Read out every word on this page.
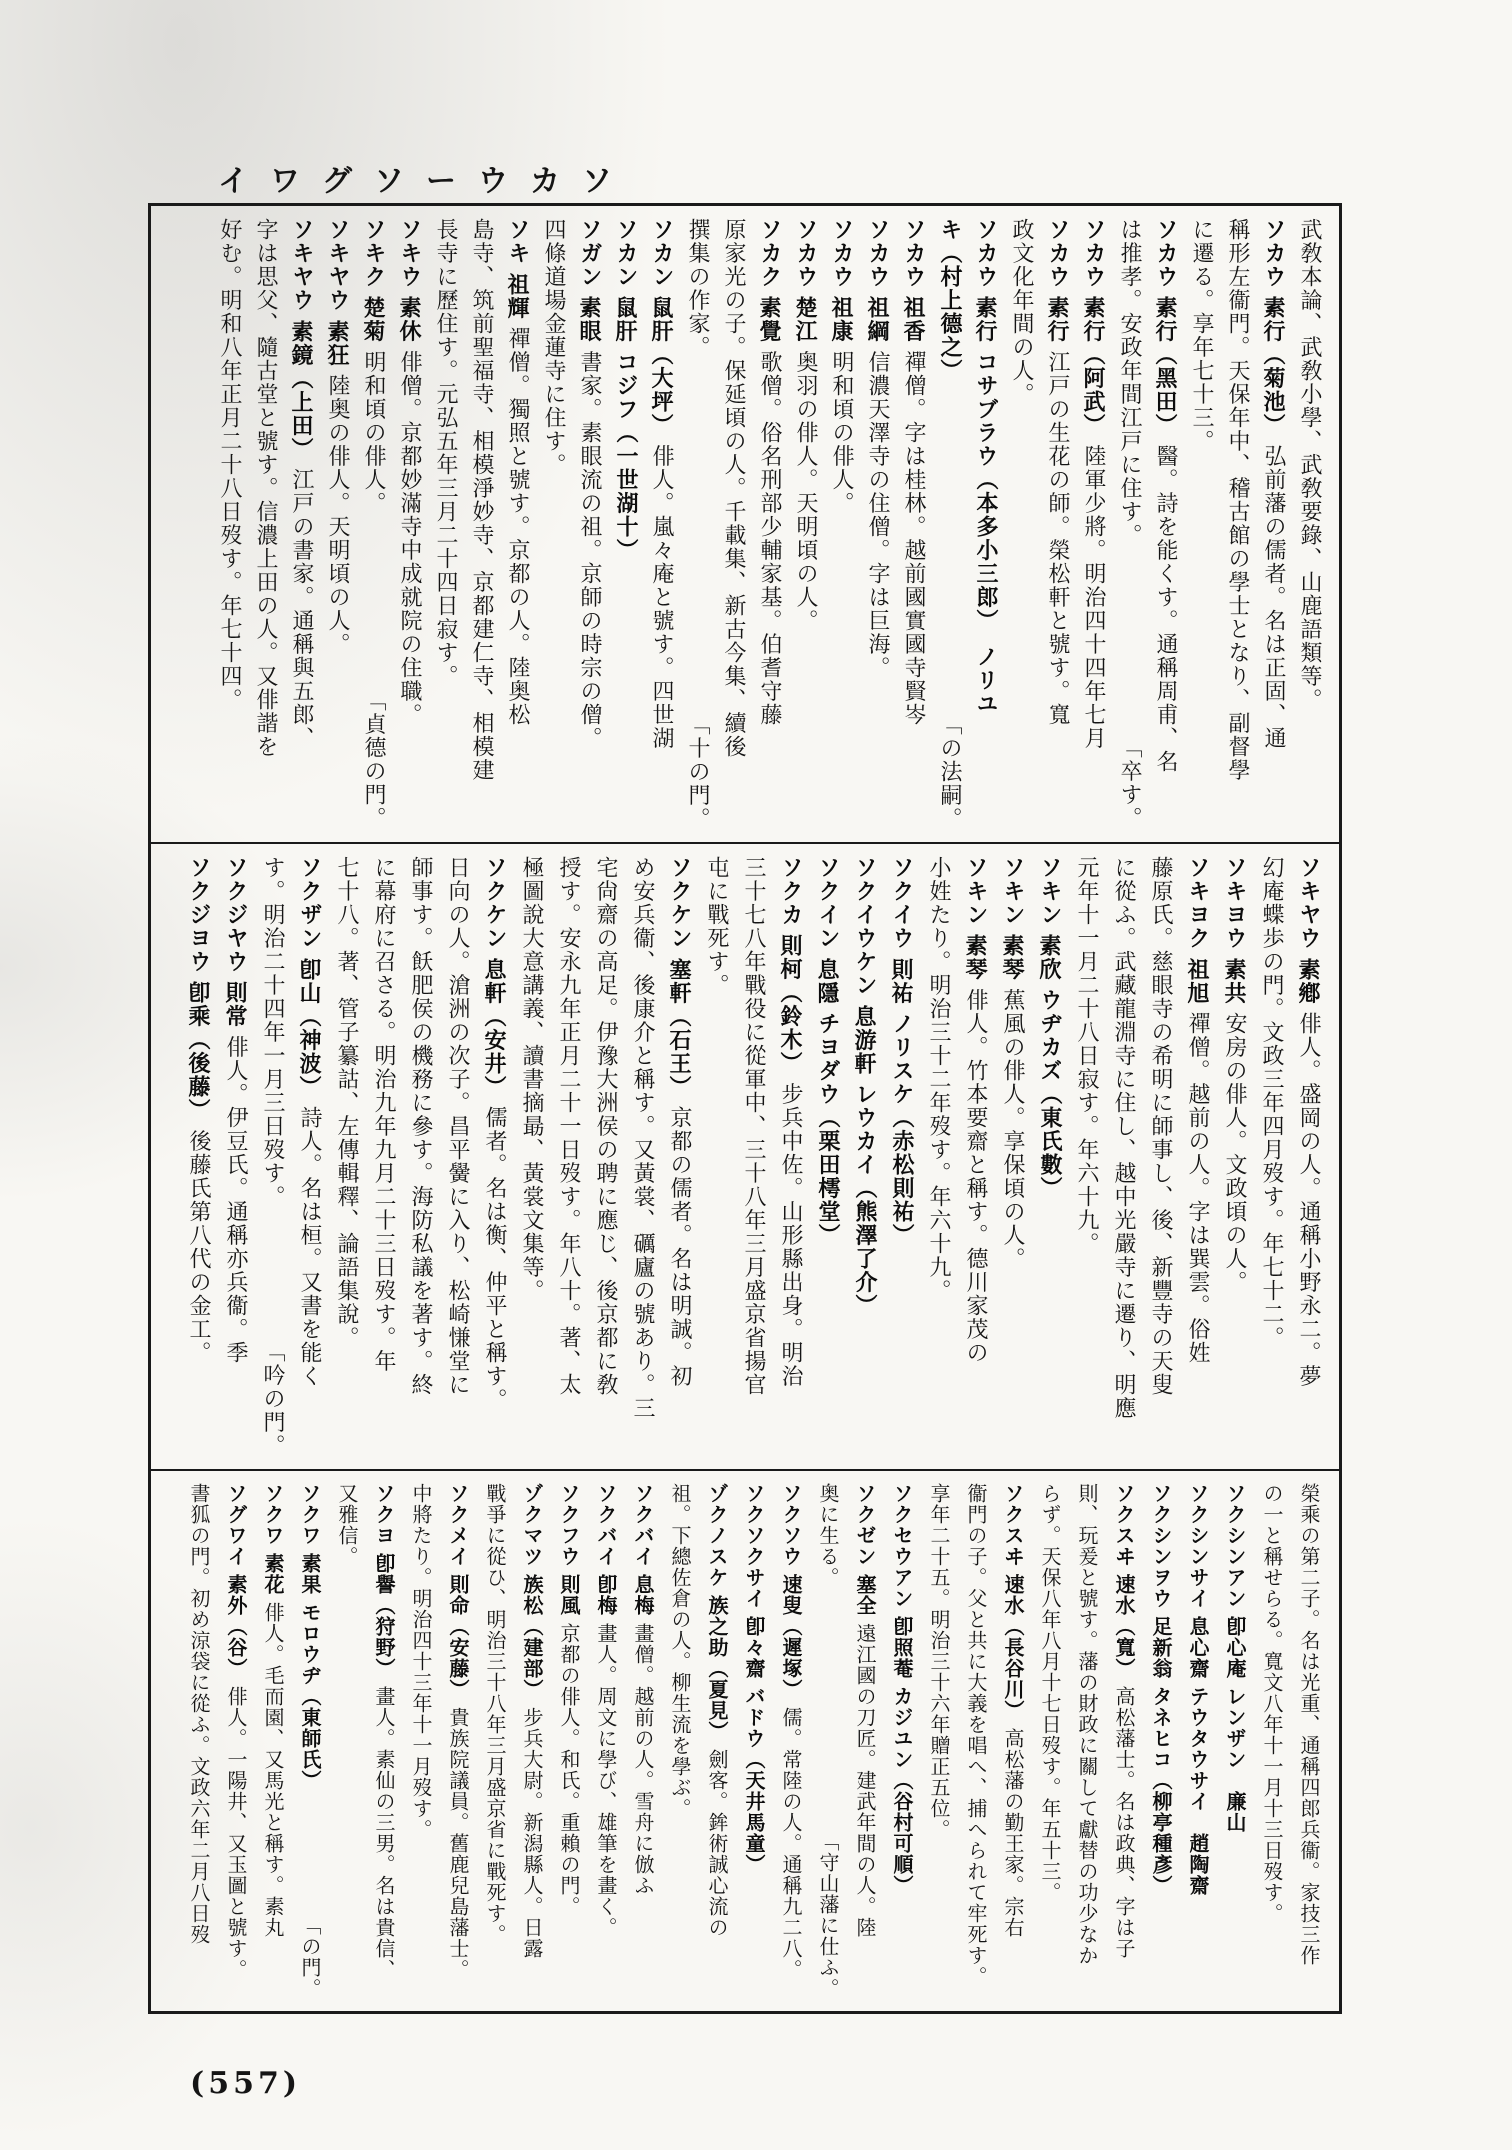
ソカウーソグワイ
武敎本論、武敎小學、武敎要錄、山鹿語類等。
ソカウ素行（菊池）弘前藩の儒者。名は正固、通
稱形左衞門。天保年中、稽古館の學士となり、副督學
に遷る。享年七十三。
ソカウ素行（黑田）醫。詩を能くす。通稱周甫、名
は推孝。安政年間江戸に住す。
「卒す。
ソカウ素行（阿武）陸軍少將。明治四十四年七月
ソカウ素行江戸の生花の師。榮松軒と號す。寬
政文化年間の人。
ソカウ素行コサブラウ（本多小三郎）　ノリユ
キ（村上德之）
「の法嗣。
ソカウ祖香禪僧。字は桂林。越前國實國寺賢岑
ソカウ祖綱信濃天澤寺の住僧。字は巨海。
ソカウ祖康明和頃の俳人。
ソカウ楚江奥羽の俳人。天明頃の人。
ソカク素覺歌僧。俗名刑部少輔家基。伯耆守藤
原家光の子。保延頃の人。千載集、新古今集、續後
撰集の作家。
「十の門。
ソカン鼠肝（大坪）俳人。嵐々庵と號す。四世湖
ソカン鼠肝コジフ（一世湖十）
ソガン素眼書家。素眼流の祖。京師の時宗の僧。
四條道場金蓮寺に住す。
ソキ祖輝禪僧。獨照と號す。京都の人。陸奥松
島寺、筑前聖福寺、相模淨妙寺、京都建仁寺、相模建
長寺に歷住す。元弘五年三月二十四日寂す。
ソキウ素休俳僧。京都妙滿寺中成就院の住職。
ソキク楚菊明和頃の俳人。
「貞德の門。
ソキヤウ素狂陸奥の俳人。天明頃の人。
ソキヤウ素鏡（上田）江戸の書家。通稱與五郎、
字は思父、隨古堂と號す。信濃上田の人。又俳諧を
好む。明和八年正月二十八日歿す。年七十四。
ソキヤウ素鄕俳人。盛岡の人。通稱小野永二。夢
幻庵蝶歩の門。文政三年四月歿す。年七十二。
ソキヨウ素共安房の俳人。文政頃の人。
ソキヨク祖旭禪僧。越前の人。字は巽雲。俗姓
藤原氏。慈眼寺の希明に師事し、後、新豐寺の天叟
に從ふ。武藏龍淵寺に住し、越中光嚴寺に遷り、明應
元年十一月二十八日寂す。年六十九。
ソキン素欣ウヂカズ（東氏數）
ソキン素琴蕉風の俳人。享保頃の人。
ソキン素琴俳人。竹本要齋と稱す。德川家茂の
小姓たり。明治三十二年歿す。年六十九。
ソクイウ則祐ノリスケ（赤松則祐）
ソクイウケン息游軒レウカイ（熊澤了介）
ソクイン息隱チヨダウ（栗田樗堂）
ソクカ則柯（鈴木）步兵中佐。山形縣出身。明治
三十七八年戰役に從軍中、三十八年三月盛京省揚官
屯に戰死す。
ソクケン塞軒（石王）京都の儒者。名は明誠。初
め安兵衞、後康介と稱す。又黃裳、礪廬の號あり。三
宅尙齋の高足。伊豫大洲侯の聘に應じ、後京都に敎
授す。安永九年正月二十一日歿す。年八十。著、太
極圖說大意講義、讀書摘朂、黃裳文集等。
ソクケン息軒（安井）儒者。名は衡、仲平と稱す。
日向の人。滄洲の次子。昌平黌に入り、松崎慊堂に
師事す。飫肥侯の機務に參す。海防私議を著す。終
に幕府に召さる。明治九年九月二十三日歿す。年
七十八。著、管子纂詁、左傳輯釋、論語集說。
ソクザン卽山（神波）詩人。名は桓。又書を能く
す。明治二十四年一月三日歿す。
「吟の門。
ソクジヤウ則常俳人。伊豆氏。通稱亦兵衞。季
ソクジヨウ卽乘（後藤）後藤氏第八代の金工。
榮乘の第二子。名は光重、通稱四郎兵衞。家技三作
の一と稱せらる。寬文八年十一月十三日歿す。
ソクシンアン卽心庵レンザン　廉山
ソクシンサイ息心齋テウタウサイ　趙陶齋
ソクシンヲウ足新翁タネヒコ（柳亭種彥）
ソクスヰ速水（寬）高松藩士。名は政典、字は子
則、玩爰と號す。藩の財政に關して獻替の功少なか
らず。天保八年八月十七日歿す。年五十三。
ソクスヰ速水（長谷川）高松藩の勤王家。宗右
衞門の子。父と共に大義を唱へ、捕へられて牢死す。
享年二十五。明治三十六年贈正五位。
ソクセウアン卽照菴カジユン（谷村可順）
ソクゼン塞全遠江國の刀匠。建武年間の人。陸
奥に生る。
「守山藩に仕ふ。
ソクソウ速叟（遲塚）儒。常陸の人。通稱九二八。
ソクソクサイ卽々齋バドウ（天井馬童）
ゾクノスケ族之助（夏見）劍客。鉾術誠心流の
祖。下總佐倉の人。柳生流を學ぶ。
ソクバイ息梅畫僧。越前の人。雪舟に倣ふ
ソクバイ卽梅畫人。周文に學び、雄筆を畫く。
ソクフウ則風京都の俳人。和氏。重賴の門。
ゾクマツ族松（建部）步兵大尉。新潟縣人。日露
戰爭に從ひ、明治三十八年三月盛京省に戰死す。
ソクメイ則命（安藤）貴族院議員。舊鹿兒島藩士。
中將たり。明治四十三年十一月歿す。
ソクヨ卽譽（狩野）畫人。素仙の三男。名は貴信、
又雅信。
ソクワ素果モロウヂ（東師氏）
「の門。
ソクワ素花俳人。毛而園、又馬光と稱す。素丸
ソグワイ素外（谷）俳人。一陽井、又玉圖と號す。
書狐の門。初め涼袋に從ふ。文政六年二月八日歿
(557)
